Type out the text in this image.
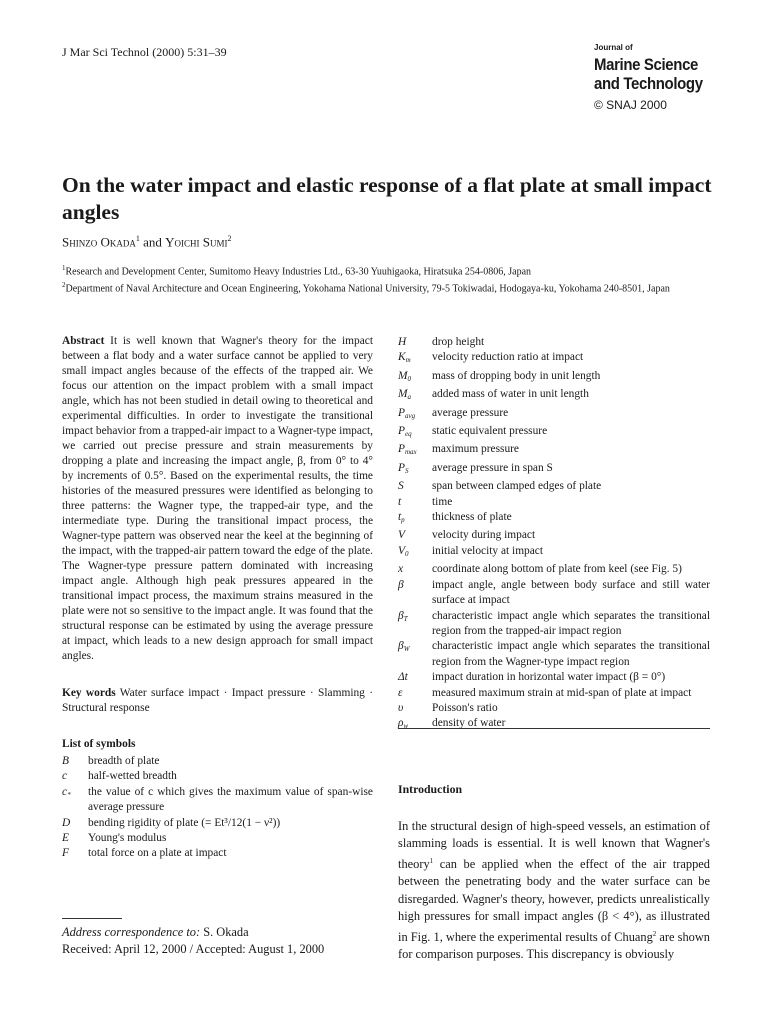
J Mar Sci Technol (2000) 5:31–39	Journal of
Marine Science
and Technology
© SNAJ 2000
On the water impact and elastic response of a flat plate at small impact angles
Shinzo Okada$^1$ and Yoichi Sumi$^2$
$^1$Research and Development Center, Sumitomo Heavy Industries Ltd., 63-30 Yuuhigaoka, Hiratsuka 254-0806, Japan
$^2$Department of Naval Architecture and Ocean Engineering, Yokohama National University, 79-5 Tokiwadai, Hodogaya-ku, Yokohama 240-8501, Japan
Abstract It is well known that Wagner's theory for the impact between a flat body and a water surface cannot be applied to very small impact angles because of the effects of the trapped air. We focus our attention on the impact problem with a small impact angle, which has not been studied in detail owing to theoretical and experimental difficulties. In order to investigate the transitional impact behavior from a trapped-air impact to a Wagner-type impact, we carried out precise pressure and strain measurements by dropping a plate and increasing the impact angle, β, from 0° to 4° by increments of 0.5°. Based on the experimental results, the time histories of the measured pressures were identified as belonging to three patterns: the Wagner type, the trapped-air type, and the intermediate type. During the transitional impact process, the Wagner-type pattern was observed near the keel at the beginning of the impact, with the trapped-air pattern toward the edge of the plate. The Wagner-type pressure pattern dominated with increasing impact angle. Although high peak pressures appeared in the transitional impact process, the maximum strains measured in the plate were not so sensitive to the impact angle. It was found that the structural response can be estimated by using the average pressure at impact, which leads to a new design approach for small impact angles.
Key words Water surface impact · Impact pressure · Slamming · Structural response
List of symbols
B	breadth of plate
c	half-wetted breadth
$c_*$	the value of c which gives the maximum value of span-wise average pressure
D	bending rigidity of plate (= Et³/12(1 − ν²))
E	Young's modulus
F	total force on a plate at impact
Address correspondence to: S. Okada
Received: April 12, 2000 / Accepted: August 1, 2000
H	drop height
$K_m$	velocity reduction ratio at impact
$M_0$	mass of dropping body in unit length
$M_a$	added mass of water in unit length
$P_{avg}$	average pressure
$P_{eq}$	static equivalent pressure
$P_{max}$	maximum pressure
$P_S$	average pressure in span S
S	span between clamped edges of plate
t	time
$t_p$	thickness of plate
V	velocity during impact
$V_0$	initial velocity at impact
x	coordinate along bottom of plate from keel (see Fig. 5)
β	impact angle, angle between body surface and still water surface at impact
$\beta_T$	characteristic impact angle which separates the transitional region from the trapped-air impact region
$\beta_W$	characteristic impact angle which separates the transitional region from the Wagner-type impact region
Δt	impact duration in horizontal water impact (β = 0°)
ε	measured maximum strain at mid-span of plate at impact
υ	Poisson's ratio
$\rho_w$	density of water
Introduction
In the structural design of high-speed vessels, an estimation of slamming loads is essential. It is well known that Wagner's theory$^1$ can be applied when the effect of the air trapped between the penetrating body and the water surface can be disregarded. Wagner's theory, however, predicts unrealistically high pressures for small impact angles (β < 4°), as illustrated in Fig. 1, where the experimental results of Chuang$^2$ are shown for comparison purposes. This discrepancy is obviously
